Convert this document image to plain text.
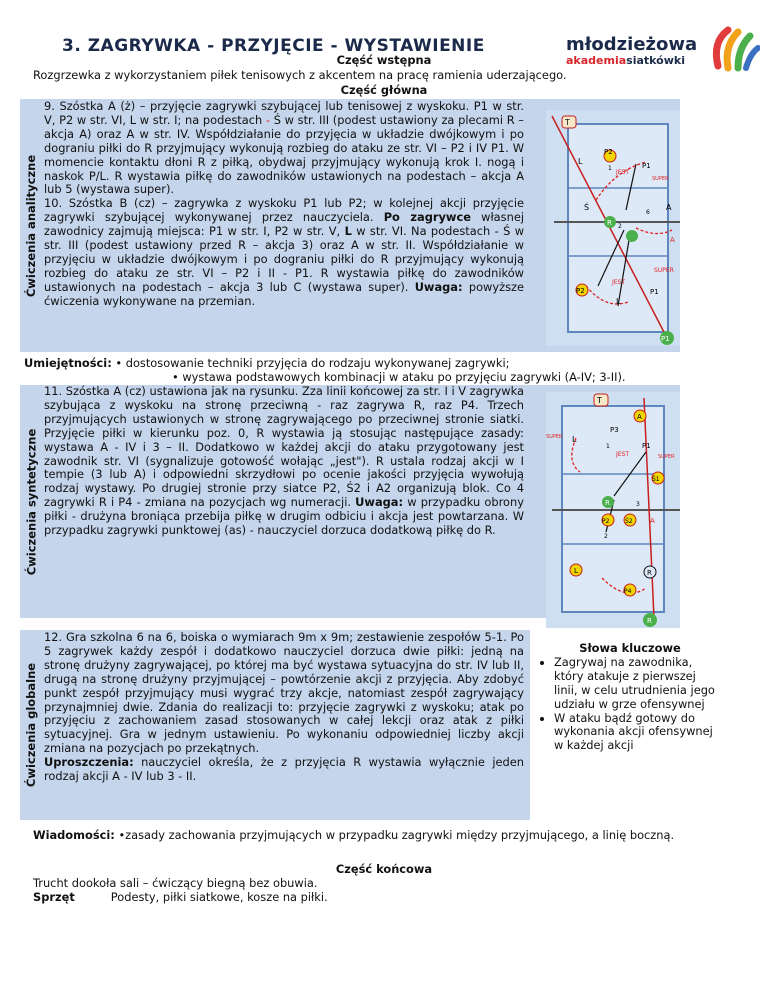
3. ZAGRYWKA - PRZYJĘCIE - WYSTAWIENIE	młodzieżowa
akademiasiatkówki
Część wstępna
Rozgrzewka z wykorzystaniem piłek tenisowych z akcentem na pracę ramienia uderzającego.
Część główna
Ćwiczenia analityczne
9. Szóstka A (ż) – przyjęcie zagrywki szybującej lub tenisowej z wyskoku. P1 w str. V, P2 w str. VI, L w str. I; na podestach - Ś w str. III (podest ustawiony za plecami R – akcja A) oraz A w str. IV. Współdziałanie do przyjęcia w układzie dwójkowym i po dograniu piłki do R przyjmujący wykonują rozbieg do ataku ze str. VI – P2 i IV P1. W momencie kontaktu dłoni R z piłką, obydwaj przyjmujący wykonują krok I. nogą i naskok P/L. R wystawia piłkę do zawodników ustawionych na podestach – akcja A lub 5 (wystawa super).
10. Szóstka B (cz) – zagrywka z wyskoku P1 lub P2; w kolejnej akcji przyjęcie zagrywki szybującej wykonywanej przez nauczyciela. Po zagrywce własnej zawodnicy zajmują miejsca: P1 w str. I, P2 w str. V, L w str. VI. Na podestach - Ś w str. III (podest ustawiony przed R – akcja 3) oraz A w str. II. Współdziałanie w przyjęciu w układzie dwójkowym i po dograniu piłki do R przyjmujący wykonują rozbieg do ataku ze str. VI – P2 i II - P1. R wystawia piłkę do zawodników ustawionych na podestach – akcja 3 lub C (wystawa super). Uwaga: powyższe ćwiczenia wykonywane na przemian.
T
P2
L	P1
1
JEST
SUPER
Ś	A
6
R 2
A
SUPER
P2
JEST
P1
L
P1
Umiejętności: • dostosowanie techniki przyjęcia do rodzaju wykonywanej zagrywki;
• wystawa podstawowych kombinacji w ataku po przyjęciu zagrywki (A-IV; 3-II).
Ćwiczenia syntetyczne
11. Szóstka A (cz) ustawiona jak na rysunku. Zza linii końcowej za str. I i V zagrywka szybująca z wyskoku na stronę przeciwną - raz zagrywa R, raz P4. Trzech przyjmujących ustawionych w stronę zagrywającego po przeciwnej stronie siatki. Przyjęcie piłki w kierunku poz. 0, R wystawia ją stosując następujące zasady: wystawa A - IV i 3 – II. Dodatkowo w każdej akcji do ataku przygotowany jest zawodnik str. VI (sygnalizuje gotowość wołając „jest"). R ustala rodzaj akcji w I tempie (3 lub A) i odpowiedni skrzydłowi po ocenie jakości przyjęcia wywołują rodzaj wystawy. Po drugiej stronie przy siatce P2, Ś2 i A2 organizują blok. Co 4 zagrywki R i P4 - zmiana na pozycjach wg numeracji. Uwaga: w przypadku obrony piłki - drużyna broniąca przebija piłkę w drugim odbiciu i akcja jest powtarzana. W przypadku zagrywki punktowej (as) - nauczyciel dorzuca dodatkową piłkę do R.
T
A
P3
SUPER L
1	P1
JEST	SUPER
Ś1
R	3
P2	Ś2 A
2
L	R
P4
R
Ćwiczenia globalne
12. Gra szkolna 6 na 6, boiska o wymiarach 9m x 9m; zestawienie zespołów 5-1. Po 5 zagrywek każdy zespół i dodatkowo nauczyciel dorzuca dwie piłki: jedną na stronę drużyny zagrywającej, po której ma być wystawa sytuacyjna do str. IV lub II, drugą na stronę drużyny przyjmującej – powtórzenie akcji z przyjęcia. Aby zdobyć punkt zespół przyjmujący musi wygrać trzy akcje, natomiast zespół zagrywający przynajmniej dwie. Zdania do realizacji to: przyjęcie zagrywki z wyskoku; atak po przyjęciu z zachowaniem zasad stosowanych w całej lekcji oraz atak z piłki sytuacyjnej. Gra w jednym ustawieniu. Po wykonaniu odpowiedniej liczby akcji zmiana na pozycjach po przekątnych.
Uproszczenia: nauczyciel określa, że z przyjęcia R wystawia wyłącznie jeden rodzaj akcji A - IV lub 3 - II.
Słowa kluczowe
• Zagrywaj na zawodnika, który atakuje z pierwszej linii, w celu utrudnienia jego udziału w grze ofensywnej
• W ataku bądź gotowy do wykonania akcji ofensywnej w każdej akcji
Wiadomości: •zasady zachowania przyjmujących w przypadku zagrywki między przyjmującego, a linię boczną.
Część końcowa
Trucht dookoła sali – ćwiczący biegną bez obuwia.
Sprzęt	Podesty, piłki siatkowe, kosze na piłki.
